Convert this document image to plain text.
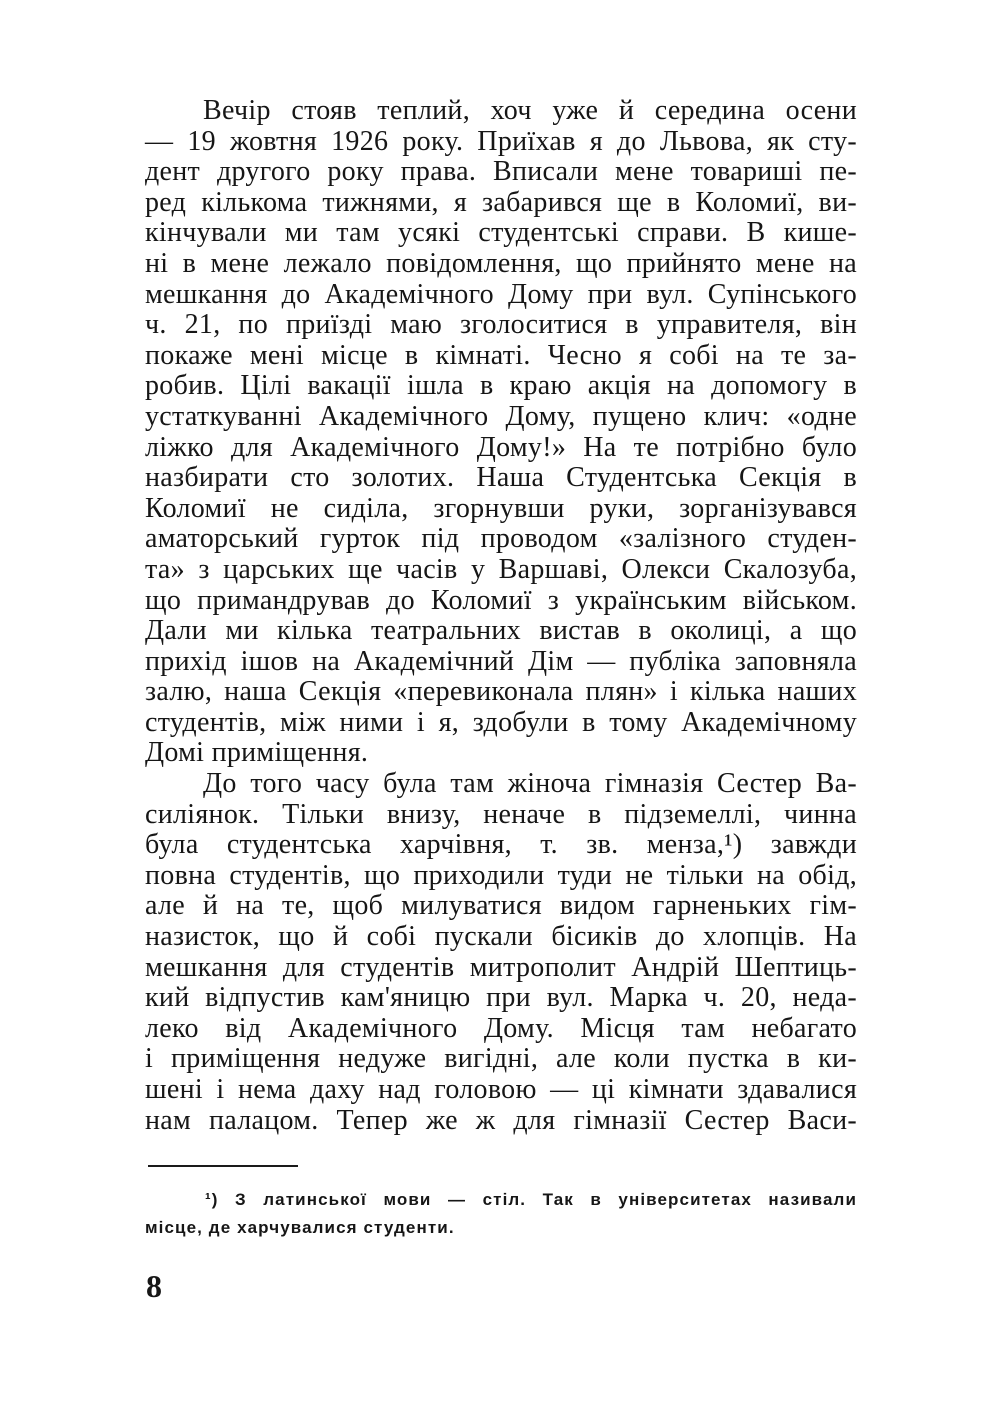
Вечір стояв теплий, хоч уже й середина осени
— 19 жовтня 1926 року. Приїхав я до Львова, як сту-
дент другого року права. Вписали мене товариші пе-
ред кількома тижнями, я забарився ще в Коломиї, ви-
кінчували ми там усякі студентські справи. В кише-
ні в мене лежало повідомлення, що прийнято мене на
мешкання до Академічного Дому при вул. Супінського
ч. 21, по приїзді маю зголоситися в управителя, він
покаже мені місце в кімнаті. Чесно я собі на те за-
робив. Цілі вакації ішла в краю акція на допомогу в
устаткуванні Академічного Дому, пущено клич: «одне
ліжко для Академічного Дому!» На те потрібно було
назбирати сто золотих. Наша Студентська Секція в
Коломиї не сиділа, згорнувши руки, зорганізувався
аматорський гурток під проводом «залізного студен-
та» з царських ще часів у Варшаві, Олекси Скалозуба,
що примандрував до Коломиї з українським військом.
Дали ми кілька театральних вистав в околиці, а що
прихід ішов на Академічний Дім — публіка заповняла
залю, наша Секція «перевиконала плян» і кілька наших
студентів, між ними і я, здобули в тому Академічному
Домі приміщення.
До того часу була там жіноча гімназія Сестер Ва-
силіянок. Тільки внизу, неначе в підземеллі, чинна
була студентська харчівня, т. зв. менза,¹) завжди
повна студентів, що приходили туди не тільки на обід,
але й на те, щоб милуватися видом гарненьких гім-
назисток, що й собі пускали бісиків до хлопців. На
мешкання для студентів митрополит Андрій Шептиць-
кий відпустив кам'яницю при вул. Марка ч. 20, неда-
леко від Академічного Дому. Місця там небагато
і приміщення недуже вигідні, але коли пустка в ки-
шені і нема даху над головою — ці кімнати здавалися
нам палацом. Тепер же ж для гімназії Сестер Васи-
¹) З латинської мови — стіл. Так в університетах називали
місце, де харчувалися студенти.
8
